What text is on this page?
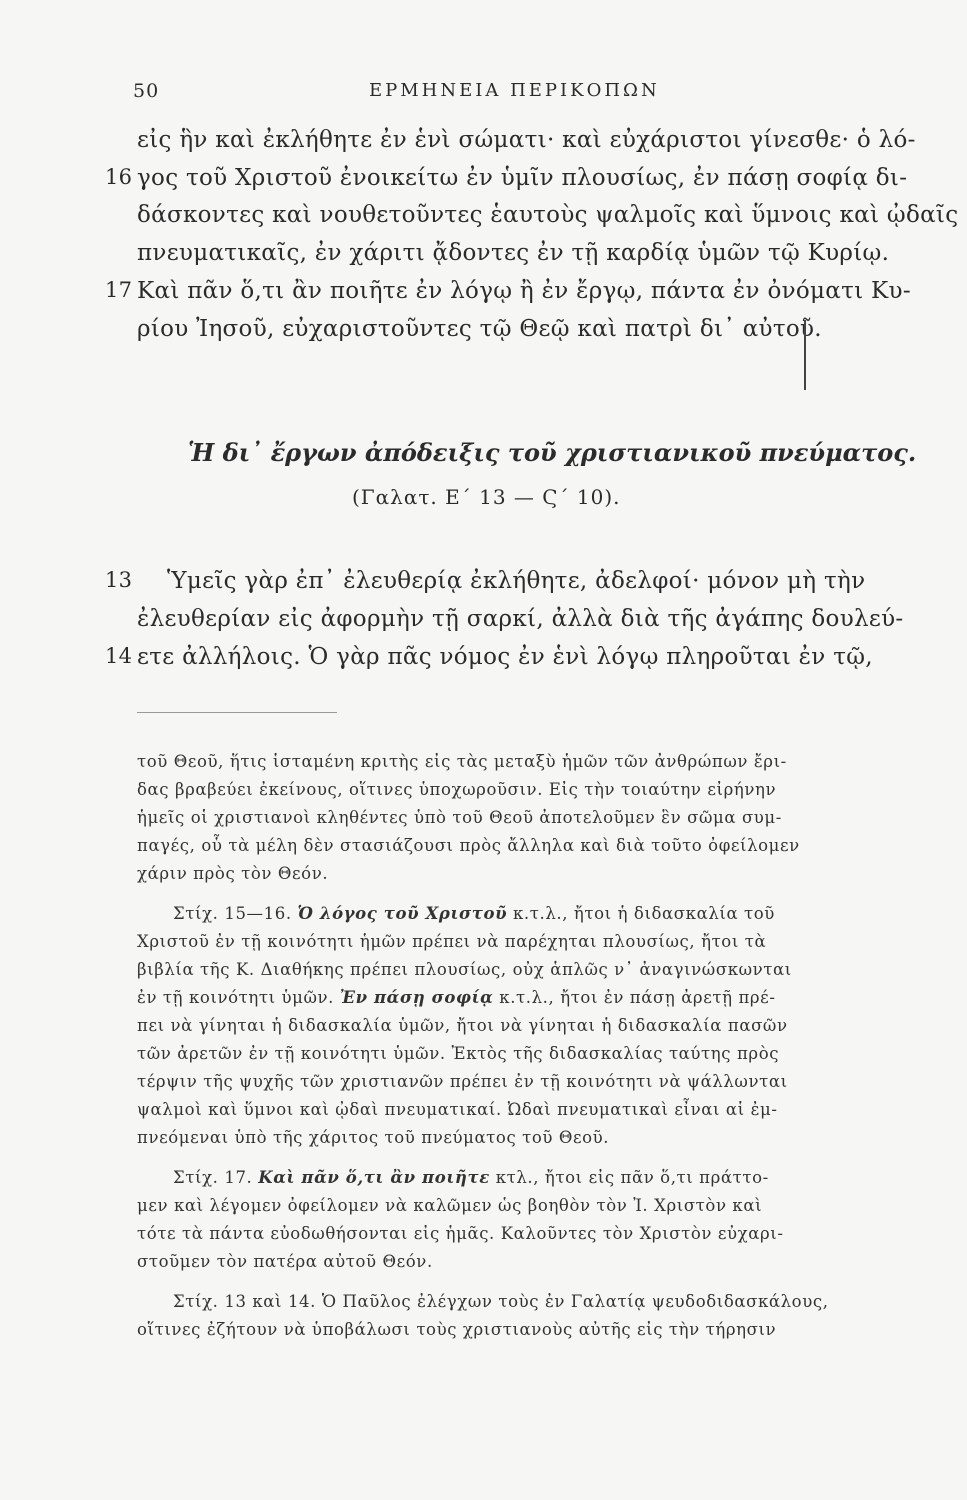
50	ΕΡΜΗΝΕΙΑ ΠΕΡΙΚΟΠΩΝ
εἰς ἣν καὶ ἐκλήθητε ἐν ἑνὶ σώματι· καὶ εὐχάριστοι γίνεσθε· ὁ λό-
16 γος τοῦ Χριστοῦ ἐνοικείτω ἐν ὑμῖν πλουσίως, ἐν πάσῃ σοφίᾳ δι-
δάσκοντες καὶ νουθετοῦντες ἑαυτοὺς ψαλμοῖς καὶ ὕμνοις καὶ ᾠδαῖς
πνευματικαῖς, ἐν χάριτι ᾄδοντες ἐν τῇ καρδίᾳ ὑμῶν τῷ Κυρίῳ.
17 Καὶ πᾶν ὅ,τι ἂν ποιῆτε ἐν λόγῳ ἢ ἐν ἔργῳ, πάντα ἐν ὀνόματι Κυ-
ρίου Ἰησοῦ, εὐχαριστοῦντες τῷ Θεῷ καὶ πατρὶ δι᾽ αὐτοῦ.
Ἡ δι᾽ ἔργων ἀπόδειξις τοῦ χριστιανικοῦ πνεύματος.
(Γαλατ. Ε΄ 13 — Ϛ΄ 10).
13 Ὑμεῖς γὰρ ἐπ᾽ ἐλευθερίᾳ ἐκλήθητε, ἀδελφοί· μόνον μὴ τὴν
ἐλευθερίαν εἰς ἀφορμὴν τῇ σαρκί, ἀλλὰ διὰ τῆς ἀγάπης δουλεύ-
14 ετε ἀλλήλοις. Ὁ γὰρ πᾶς νόμος ἐν ἑνὶ λόγῳ πληροῦται ἐν τῷ,
τοῦ Θεοῦ, ἥτις ἱσταμένη κριτὴς εἰς τὰς μεταξὺ ἡμῶν τῶν ἀνθρώπων ἔρι-
δας βραβεύει ἐκείνους, οἵτινες ὑποχωροῦσιν. Εἰς τὴν τοιαύτην εἰρήνην
ἡμεῖς οἱ χριστιανοὶ κληθέντες ὑπὸ τοῦ Θεοῦ ἀποτελοῦμεν ἓν σῶμα συμ-
παγές, οὗ τὰ μέλη δὲν στασιάζουσι πρὸς ἄλληλα καὶ διὰ τοῦτο ὀφείλομεν
χάριν πρὸς τὸν Θεόν.
Στίχ. 15—16. Ὁ λόγος τοῦ Χριστοῦ κ.τ.λ., ἤτοι ἡ διδασκαλία τοῦ
Χριστοῦ ἐν τῇ κοινότητι ἡμῶν πρέπει νὰ παρέχηται πλουσίως, ἤτοι τὰ
βιβλία τῆς Κ. Διαθήκης πρέπει πλουσίως, οὐχ ἁπλῶς ν᾽ ἀναγινώσκωνται
ἐν τῇ κοινότητι ὑμῶν. Ἐν πάσῃ σοφίᾳ κ.τ.λ., ἤτοι ἐν πάσῃ ἀρετῇ πρέ-
πει νὰ γίνηται ἡ διδασκαλία ὑμῶν, ἤτοι νὰ γίνηται ἡ διδασκαλία πασῶν
τῶν ἀρετῶν ἐν τῇ κοινότητι ὑμῶν. Ἐκτὸς τῆς διδασκαλίας ταύτης πρὸς
τέρψιν τῆς ψυχῆς τῶν χριστιανῶν πρέπει ἐν τῇ κοινότητι νὰ ψάλλωνται
ψαλμοὶ καὶ ὕμνοι καὶ ᾠδαὶ πνευματικαί. Ὠδαὶ πνευματικαὶ εἶναι αἱ ἐμ-
πνεόμεναι ὑπὸ τῆς χάριτος τοῦ πνεύματος τοῦ Θεοῦ.
Στίχ. 17. Καὶ πᾶν ὅ,τι ἂν ποιῆτε κτλ., ἤτοι εἰς πᾶν ὅ,τι πράττο-
μεν καὶ λέγομεν ὀφείλομεν νὰ καλῶμεν ὡς βοηθὸν τὸν Ἰ. Χριστὸν καὶ
τότε τὰ πάντα εὐοδωθήσονται εἰς ἡμᾶς. Καλοῦντες τὸν Χριστὸν εὐχαρι-
στοῦμεν τὸν πατέρα αὐτοῦ Θεόν.
Στίχ. 13 καὶ 14. Ὁ Παῦλος ἐλέγχων τοὺς ἐν Γαλατίᾳ ψευδοδιδασκάλους,
οἵτινες ἐζήτουν νὰ ὑποβάλωσι τοὺς χριστιανοὺς αὐτῆς εἰς τὴν τήρησιν
